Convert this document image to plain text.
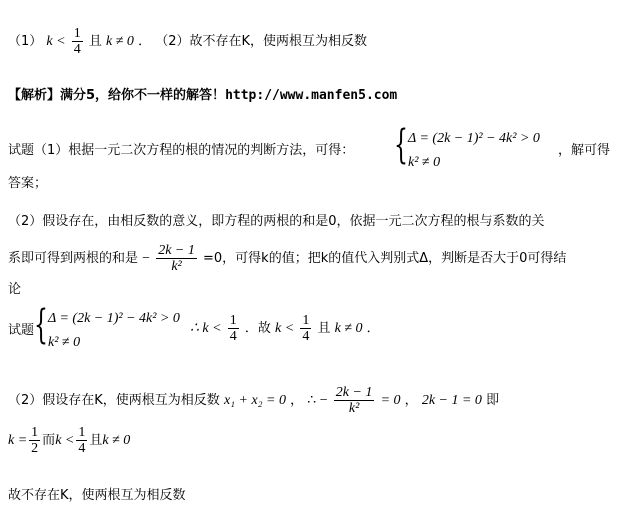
（1） $k < \frac{1}{4}$ 且 k ≠ 0 ． （2）故不存在K，使两根互为相反数
【解析】满分5，给你不一样的解答！http://www.manfen5.com
试题（1）根据一元二次方程的根的情况的判断方法，可得： { Δ = (2k − 1)² − 4k² > 0
k² ≠ 0
，解可得
答案；
（2）假设存在，由相反数的意义，即方程的两根的和是0，依据一元二次方程的根与系数的关
系即可得到两根的和是 − $\frac{2k - 1}{\text{k²}} =0$，可得k的值；把k的值代入判别式Δ，判断是否大于0可得结
论
试题 { Δ = (2k − 1)² − 4k² > 0
k² ≠ 0
∴ $k < \frac{1}{4}$ ．故 $k < \frac{1}{4}$ 且 k ≠ 0 ．
（2）假设存在K，使两根互为相反数 x₁ + x₂ = 0 ， ∴ − $\frac{2k - 1}{\text{k²}} = 0$ ， 2k − 1 = 0 即
$k = \frac{1}{2}$ 而$k < \frac{1}{4}$ 且k ≠ 0
故不存在K，使两根互为相反数
